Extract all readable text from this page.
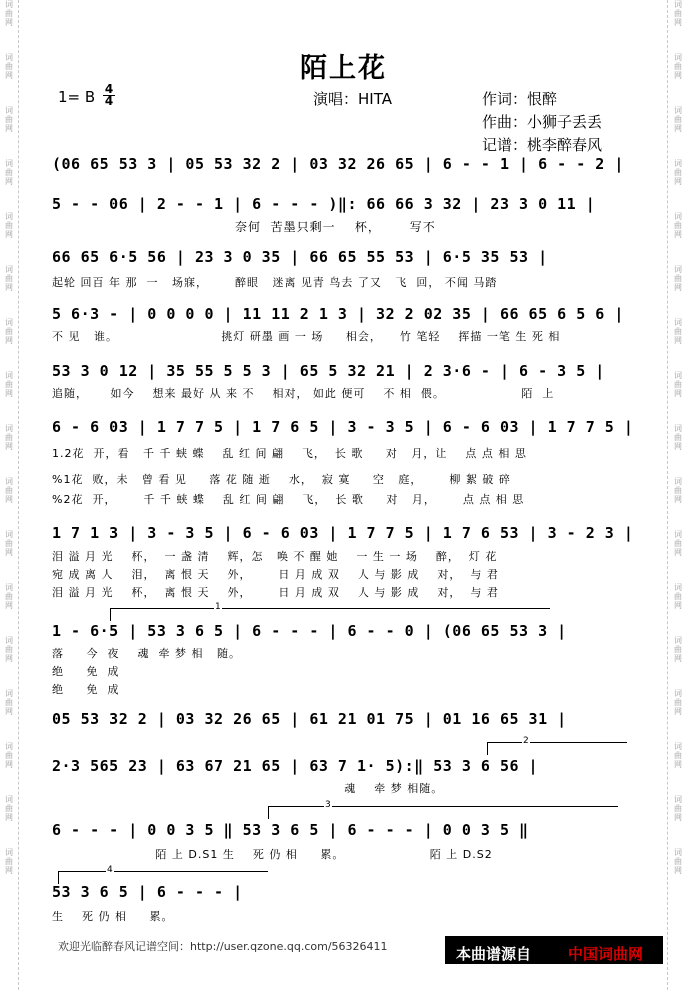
词
曲
网
词
曲
网
词
曲
网
词
曲
网
词
曲
网
词
曲
网
词
曲
网
词
曲
网
词
曲
网
词
曲
网
词
曲
网
词
曲
网
词
曲
网
词
曲
网
词
曲
网
词
曲
网
词
曲
网
词
曲
网
词
曲
网
词
曲
网
词
曲
网
词
曲
网
词
曲
网
词
曲
网
词
曲
网
词
曲
网
词
曲
网
词
曲
网
词
曲
网
词
曲
网
词
曲
网
词
曲
网
词
曲
网
词
曲
网
陌上花
1= B $\frac{4}{4}$	演唱：HITA	作词：恨醉
作曲：小狮子丢丢
记谱：桃李醉春风
(06 65 53 3 | 05 53 32 2 | 03 32 26 65 | 6 - - 1 | 6 - - 2 |
5 - - 06 | 2 - - 1 | 6 - - - )‖: 66 66 3 32 | 23 3 0 11 |
奈何  苦墨只剩一    杯，      写不
66 65 6·5 56 | 23 3 0 35 | 66 65 55 53 | 6·5 35 53 |
起轮 回百 年 那  一   场寐，      醉眼   迷离 见青 鸟去 了又   飞  回， 不闻 马踏
5 6·3 - | 0 0 0 0 | 11 11 2 1 3 | 32 2 02 35 | 66 65 6 5 6 |
不 见   谁。                       挑灯 研墨 画 一 场     相会，    竹 笔轻    挥描 一笔 生 死 相
53 3 0 12 | 35 55 5 5 3 | 65 5 32 21 | 2 3·6 - | 6 - 3 5 |
追随，     如今    想来 最好 从 来 不    相对， 如此 便可    不 相  偎。                 陌  上
6 - 6 03 | 1 7 7 5 | 1 7 6 5 | 3 - 3 5 | 6 - 6 03 | 1 7 7 5 |
1.2花  开，看   千 千 蛱 蝶    乱 红 间 翩    飞，  长 歌     对   月，让    点 点 相 思
%1花  败，未   曾 看 见     落 花 随 逝    水，  寂 寞     空   庭，      柳 絮 破 碎
%2花  开，      千 千 蛱 蝶    乱 红 间 翩    飞，  长 歌     对   月，      点 点 相 思
1 7 1 3 | 3 - 3 5 | 6 - 6 03 | 1 7 7 5 | 1 7 6 53 | 3 - 2 3 |
泪 溢 月 光    杯，  一 盏 清    辉，怎   唤 不 醒 她    一 生 一 场    醉，  灯 花
宛 成 离 人    泪，  离 恨 天    外，      日 月 成 双    人 与 影 成    对，  与 君
泪 溢 月 光    杯，  离 恨 天    外，      日 月 成 双    人 与 影 成    对，  与 君
1
1 - 6·5 | 53 3 6 5 | 6 - - - | 6 - - 0 | (06 65 53 3 |
落     今  夜    魂  牵 梦 相   随。
绝     免  成
绝     免  成
05 53 32 2 | 03 32 26 65 | 61 21 01 75 | 01 16 65 31 |
2
2·3 565 23 | 63 67 21 65 | 63 7 1· 5):‖ 53 3 6 56 |
魂    牵 梦 相随。
3
6 - - - | 0 0 3 5 ‖ 53 3 6 5 | 6 - - - | 0 0 3 5 ‖
陌 上 D.S1 生    死 仍 相     累。                   陌 上 D.S2
4
53 3 6 5 | 6 - - - |
生    死 仍 相     累。
欢迎光临醉春风记谱空间：http://user.qzone.qq.com/56326411	本曲谱源自 中国词曲网
